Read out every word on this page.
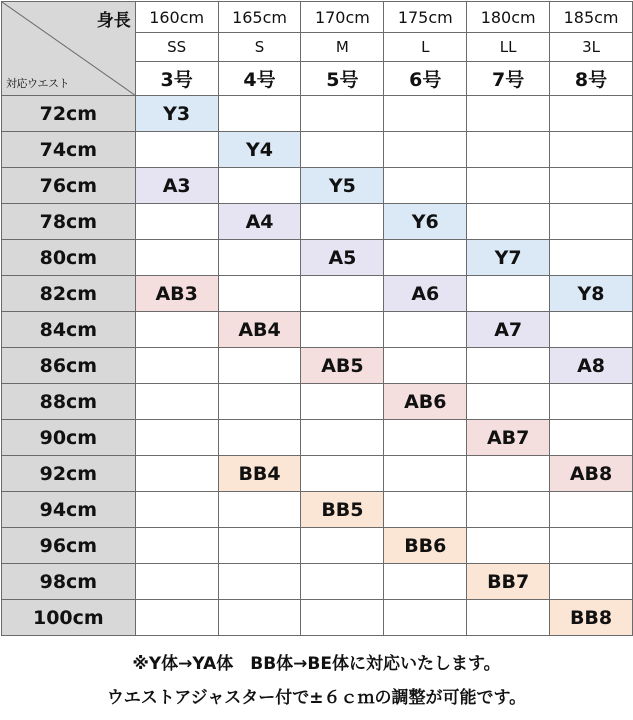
身長
対応ウエスト	160cm	165cm	170cm	175cm	180cm	185cm
	SS	S	M	L	LL	3L
	3号	4号	5号	6号	7号	8号
72cm	Y3					
74cm		Y4				
76cm	A3		Y5			
78cm		A4		Y6		
80cm			A5		Y7	
82cm	AB3			A6		Y8
84cm		AB4			A7	
86cm			AB5			A8
88cm				AB6		
90cm					AB7	
92cm		BB4				AB8
94cm			BB5			
96cm				BB6		
98cm					BB7	
100cm						BB8
※Y体→YA体　BB体→BE体に対応いたします。
ウエストアジャスター付で±６ｃｍの調整が可能です。
